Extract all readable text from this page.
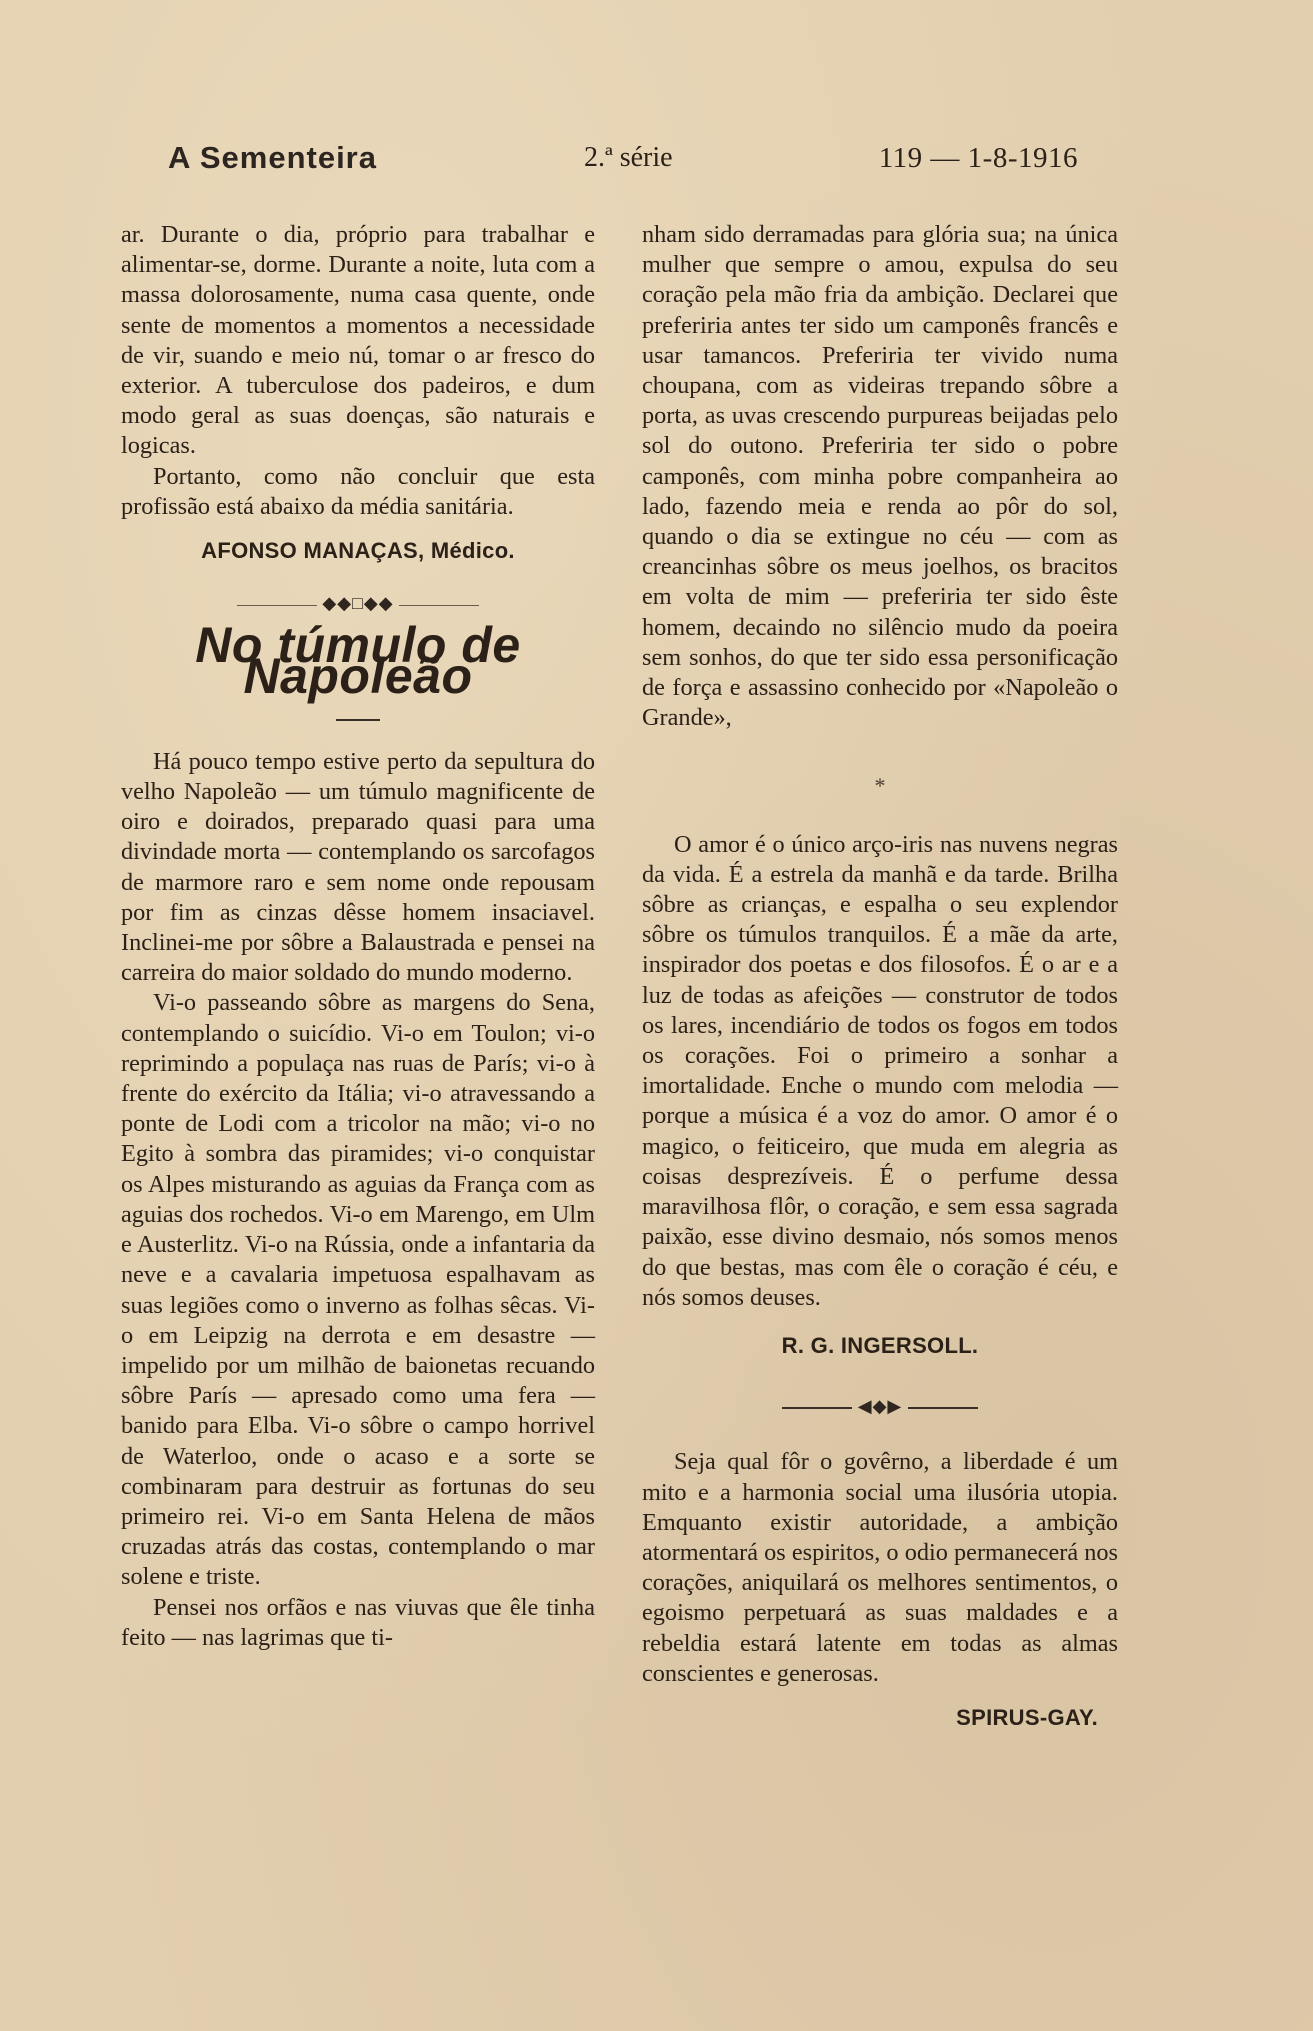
A Sementeira	2.ª série	119 — 1-8-1916

ar. Durante o dia, próprio para trabalhar e alimentar-se, dorme. Durante a noite, luta com a massa dolorosamente, numa casa quente, onde sente de momentos a momentos a necessidade de vir, suando e meio nú, tomar o ar fresco do exterior. A tuberculose dos padeiros, e dum modo geral as suas doenças, são naturais e logicas.

Portanto, como não concluir que esta profissão está abaixo da média sanitária.

AFONSO MANAÇAS, Médico.

◆◆□◆◆
No túmulo de Napoleão

Há pouco tempo estive perto da sepultura do velho Napoleão — um túmulo magnificente de oiro e doirados, preparado quasi para uma divindade morta — contemplando os sarcofagos de marmore raro e sem nome onde repousam por fim as cinzas dêsse homem insaciavel. Inclinei-me por sôbre a Balaustrada e pensei na carreira do maior soldado do mundo moderno.

Vi-o passeando sôbre as margens do Sena, contemplando o suicídio. Vi-o em Toulon; vi-o reprimindo a populaça nas ruas de París; vi-o à frente do exército da Itália; vi-o atravessando a ponte de Lodi com a tricolor na mão; vi-o no Egito à sombra das piramides; vi-o conquistar os Alpes misturando as aguias da França com as aguias dos rochedos. Vi-o em Marengo, em Ulm e Austerlitz. Vi-o na Rússia, onde a infantaria da neve e a cavalaria impetuosa espalhavam as suas legiões como o inverno as folhas sêcas. Vi-o em Leipzig na derrota e em desastre — impelido por um milhão de baionetas recuando sôbre París — apresado como uma fera — banido para Elba. Vi-o sôbre o campo horrivel de Waterloo, onde o acaso e a sorte se combinaram para destruir as fortunas do seu primeiro rei. Vi-o em Santa Helena de mãos cruzadas atrás das costas, contemplando o mar solene e triste.

Pensei nos orfãos e nas viuvas que êle tinha feito — nas lagrimas que ti-

nham sido derramadas para glória sua; na única mulher que sempre o amou, expulsa do seu coração pela mão fria da ambição. Declarei que preferiria antes ter sido um camponês francês e usar tamancos. Preferiria ter vivido numa choupana, com as videiras trepando sôbre a porta, as uvas crescendo purpureas beijadas pelo sol do outono. Preferiria ter sido o pobre camponês, com minha pobre companheira ao lado, fazendo meia e renda ao pôr do sol, quando o dia se extingue no céu — com as creancinhas sôbre os meus joelhos, os bracitos em volta de mim — preferiria ter sido êste homem, decaindo no silêncio mudo da poeira sem sonhos, do que ter sido essa personificação de força e assassino conhecido por «Napoleão o Grande»,

*

O amor é o único arço-iris nas nuvens negras da vida. É a estrela da manhã e da tarde. Brilha sôbre as crianças, e espalha o seu explendor sôbre os túmulos tranquilos. É a mãe da arte, inspirador dos poetas e dos filosofos. É o ar e a luz de todas as afeições — construtor de todos os lares, incendiário de todos os fogos em todos os corações. Foi o primeiro a sonhar a imortalidade. Enche o mundo com melodia — porque a música é a voz do amor. O amor é o magico, o feiticeiro, que muda em alegria as coisas desprezíveis. É o perfume dessa maravilhosa flôr, o coração, e sem essa sagrada paixão, esse divino desmaio, nós somos menos do que bestas, mas com êle o coração é céu, e nós somos deuses.

R. G. INGERSOLL.

◀◆▶

Seja qual fôr o govêrno, a liberdade é um mito e a harmonia social uma ilusória utopia. Emquanto existir autoridade, a ambição atormentará os espiritos, o odio permanecerá nos corações, aniquilará os melhores sentimentos, o egoismo perpetuará as suas maldades e a rebeldia estará latente em todas as almas conscientes e generosas.

SPIRUS-GAY.
